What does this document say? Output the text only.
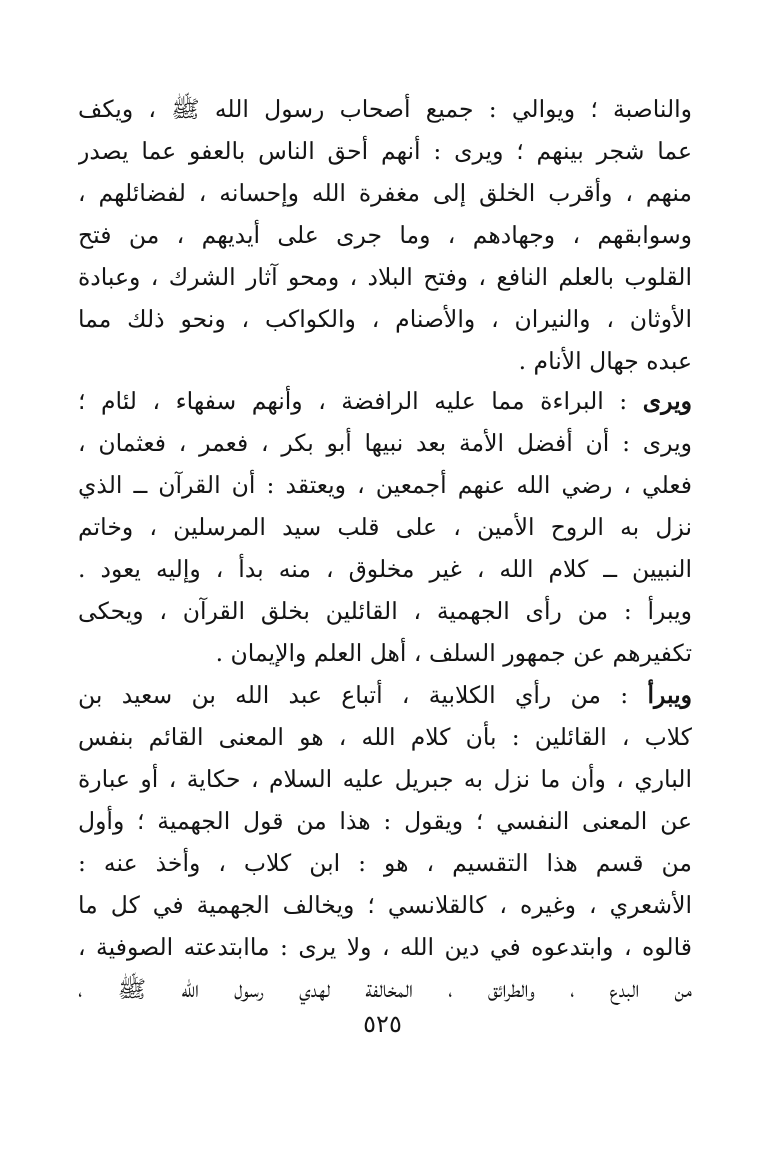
والناصبة ؛ ويوالي : جميع أصحاب رسول الله ﷺ ، ويكف
عما شجر بينهم ؛ ويرى : أنهم أحق الناس بالعفو عما يصدر
منهم ، وأقرب الخلق إلى مغفرة الله وإحسانه ، لفضائلهم ،
وسوابقهم ، وجهادهم ، وما جرى على أيديهم ، من فتح
القلوب بالعلم النافع ، وفتح البلاد ، ومحو آثار الشرك ، وعبادة
الأوثان ، والنيران ، والأصنام ، والكواكب ، ونحو ذلك مما
عبده جهال الأنام .
ويرى : البراءة مما عليه الرافضة ، وأنهم سفهاء ، لئام ؛
ويرى : أن أفضل الأمة بعد نبيها أبو بكر ، فعمر ، فعثمان ،
فعلي ، رضي الله عنهم أجمعين ، ويعتقد : أن القرآن ــ الذي
نزل به الروح الأمين ، على قلب سيد المرسلين ، وخاتم
النبيين ــ كلام الله ، غير مخلوق ، منه بدأ ، وإليه يعود .
ويبرأ : من رأى الجهمية ، القائلين بخلق القرآن ، ويحكى
تكفيرهم عن جمهور السلف ، أهل العلم والإيمان .
ويبرأ : من رأي الكلابية ، أتباع عبد الله بن سعيد بن
كلاب ، القائلين : بأن كلام الله ، هو المعنى القائم بنفس
الباري ، وأن ما نزل به جبريل عليه السلام ، حكاية ، أو عبارة
عن المعنى النفسي ؛ ويقول : هذا من قول الجهمية ؛ وأول
من قسم هذا التقسيم ، هو : ابن كلاب ، وأخذ عنه :
الأشعري ، وغيره ، كالقلانسي ؛ ويخالف الجهمية في كل ما
قالوه ، وابتدعوه في دين الله ، ولا يرى : ماابتدعته الصوفية ،
من البدع ، والطرائق ، المخالفة لهدي رسول الله ﷺ ،
٥٢٥
